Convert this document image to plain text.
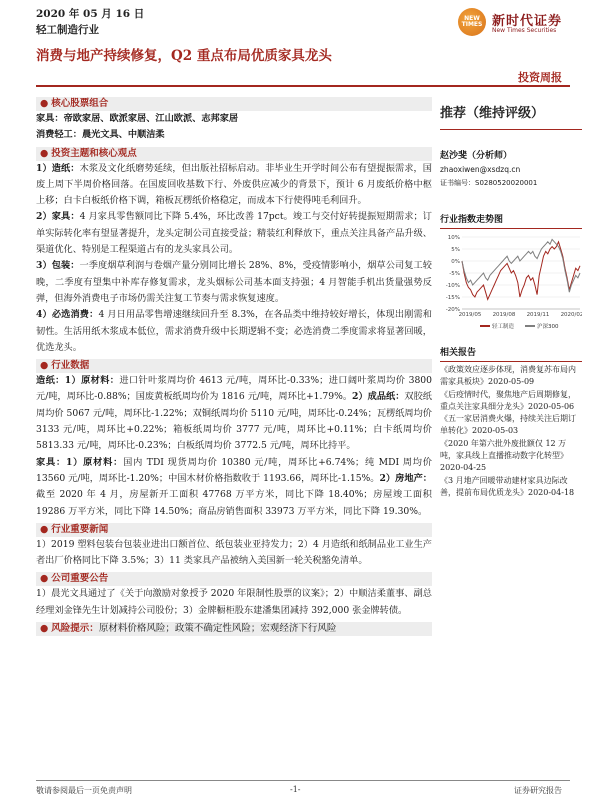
2020 年 05 月 16 日
轻工制造行业
NEW TIMES 新时代证券
New Times Securities
消费与地产持续修复，Q2 重点布局优质家具龙头
投资周报
● 核心股票组合

家具：帝欧家居、欧派家居、江山欧派、志邦家居

消费轻工：晨光文具、中顺洁柔

● 投资主题和核心观点

1）造纸：木浆及文化纸磨势延续，但出版社招标启动。非毕业生开学时间公布有望提振需求，国废上周下半周价格回落。在国废回收基数下行、外废供应减少的背景下，预计 6 月废纸价格中枢上移；白卡白板纸价格下调，箱板瓦楞纸价格稳定，而成本下行使得吨毛利回升。

2）家具：4 月家具零售额同比下降 5.4%，环比改善 17pct。竣工与交付好转提振短期需求；订单实际转化率有望显著提升，龙头定制公司直接受益；精装红利释放下，重点关注具备产品升级、渠道优化、特别是工程渠道占有的龙头家具公司。

3）包装：一季度烟草利润与卷烟产量分别同比增长 28%、8%，受疫情影响小，烟草公司复工较晚，二季度有望集中补库存修复需求，龙头烟标公司基本面支持强；4 月智能手机出货量强势反弹，但海外消费电子市场仍需关注复工节奏与需求恢复速度。

4）必选消费：4 月日用品零售增速继续回升至 8.3%，在各品类中维持较好增长，体现出刚需和韧性。生活用纸木浆成本低位，需求消费升级中长期逻辑不变；必选消费二季度需求将显著回暖，优选龙头。

● 行业数据

造纸：1）原材料：进口针叶浆周均价 4613 元/吨，周环比-0.33%；进口阔叶浆周均价 3800 元/吨，周环比-0.88%；国废黄板纸周均价为 1816 元/吨，周环比+1.79%。2）成品纸：双胶纸周均价 5067 元/吨，周环比-1.22%；双铜纸周均价 5110 元/吨，周环比-0.24%；瓦楞纸周均价 3133 元/吨，周环比+0.22%；箱板纸周均价 3777 元/吨，周环比+0.11%；白卡纸周均价 5813.33 元/吨，周环比-0.23%；白板纸周均价 3772.5 元/吨，周环比持平。

家具：1）原材料：国内 TDI 现货周均价 10380 元/吨，周环比+6.74%；纯 MDI 周均价 13560 元/吨，周环比-1.20%；中国木材价格指数收于 1193.66，周环比-1.15%。2）房地产：截至 2020 年 4 月，房屋新开工面积 47768 万平方米，同比下降 18.40%；房屋竣工面积 19286 万平方米，同比下降 14.50%；商品房销售面积 33973 万平方米，同比下降 19.30%。

● 行业重要新闻

1）2019 塑料包装台包装业进出口额首位、纸包装业亚持发力；2）4 月造纸和纸制品业工业生产者出厂价格同比下降 3.5%；3）11 类家具产品被纳入美国新一轮关税豁免清单。

● 公司重要公告

1）晨光文具通过了《关于向激励对象授予 2020 年限制性股票的议案》；2）中顺洁柔董事、副总经理刘金锋先生计划减持公司股份；3）金牌橱柜股东建潘集团减持 392,000 张金牌转债。

● 风险提示：原材料价格风险；政策不确定性风险；宏观经济下行风险
推荐（维持评级）
赵沙斐（分析师）
zhaoxiwen@xsdzq.cn
证书编号：S0280520020001
行业指数走势图
10%
5%
0%
-5%
-10%
-15%
-20%
2019/05 2019/08 2019/11 2020/02
轻工制造	沪深300
相关报告
《政策效应逐步体现，消费复苏布局内需家具板块》2020-05-09
《后疫情时代，聚焦地产后周期修复，重点关注家具细分龙头》2020-05-06
《五一家居消费火爆，持续关注后期订单转化》2020-05-03
《2020 年第六批外废批额仅 12 万吨，家具线上直播推动数字化转型》2020-04-25
《3 月地产回暖带动建材家具边际改善，提前布局优质龙头》2020-04-18
敬请参阅最后一页免责声明	-1-	证券研究报告
